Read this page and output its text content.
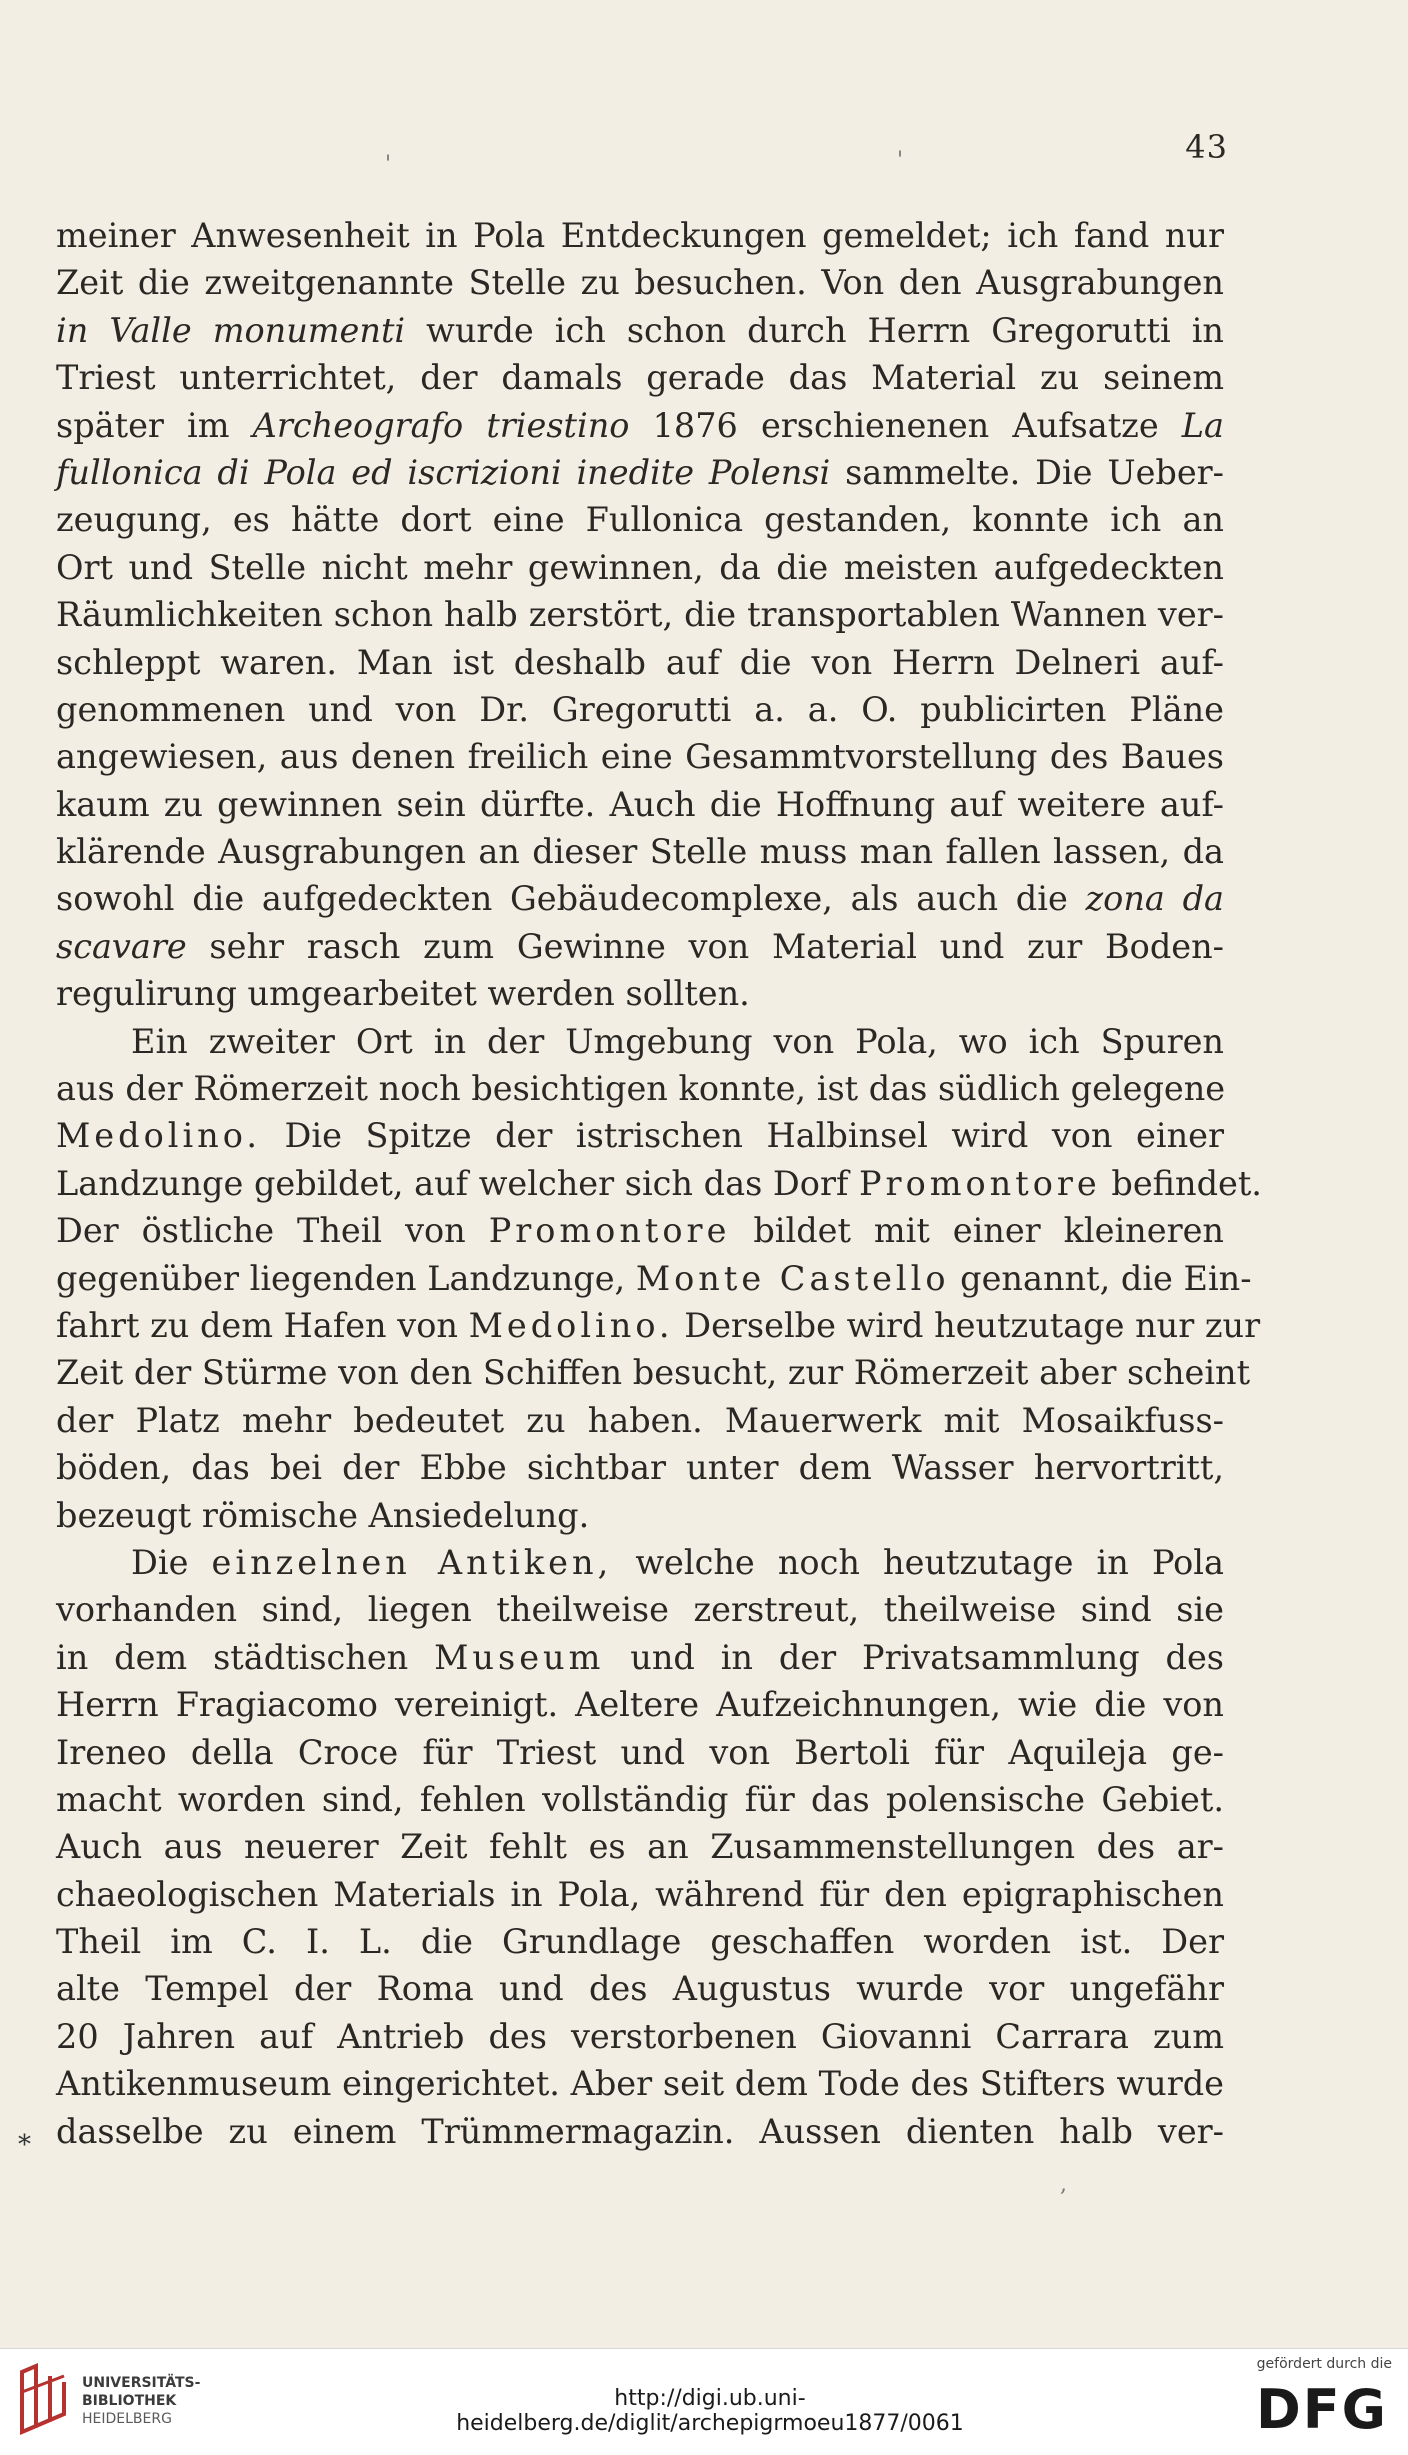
43
'	'
*
,
meiner Anwesenheit in Pola Entdeckungen gemeldet; ich fand nur
Zeit die zweitgenannte Stelle zu besuchen. Von den Ausgrabungen
in Valle monumenti wurde ich schon durch Herrn Gregorutti in
Triest unterrichtet, der damals gerade das Material zu seinem
später im Archeografo triestino 1876 erschienenen Aufsatze La
fullonica di Pola ed iscrizioni inedite Polensi sammelte. Die Ueber-
zeugung, es hätte dort eine Fullonica gestanden, konnte ich an
Ort und Stelle nicht mehr gewinnen, da die meisten aufgedeckten
Räumlichkeiten schon halb zerstört, die transportablen Wannen ver-
schleppt waren. Man ist deshalb auf die von Herrn Delneri auf-
genommenen und von Dr. Gregorutti a. a. O. publicirten Pläne
angewiesen, aus denen freilich eine Gesammtvorstellung des Baues
kaum zu gewinnen sein dürfte. Auch die Hoffnung auf weitere auf-
klärende Ausgrabungen an dieser Stelle muss man fallen lassen, da
sowohl die aufgedeckten Gebäudecomplexe, als auch die zona da
scavare sehr rasch zum Gewinne von Material und zur Boden-
regulirung umgearbeitet werden sollten.
Ein zweiter Ort in der Umgebung von Pola, wo ich Spuren
aus der Römerzeit noch besichtigen konnte, ist das südlich gelegene
Medolino. Die Spitze der istrischen Halbinsel wird von einer
Landzunge gebildet, auf welcher sich das Dorf Promontore befindet.
Der östliche Theil von Promontore bildet mit einer kleineren
gegenüber liegenden Landzunge, Monte Castello genannt, die Ein-
fahrt zu dem Hafen von Medolino. Derselbe wird heutzutage nur zur
Zeit der Stürme von den Schiffen besucht, zur Römerzeit aber scheint
der Platz mehr bedeutet zu haben. Mauerwerk mit Mosaikfuss-
böden, das bei der Ebbe sichtbar unter dem Wasser hervortritt,
bezeugt römische Ansiedelung.
Die einzelnen Antiken, welche noch heutzutage in Pola
vorhanden sind, liegen theilweise zerstreut, theilweise sind sie
in dem städtischen Museum und in der Privatsammlung des
Herrn Fragiacomo vereinigt. Aeltere Aufzeichnungen, wie die von
Ireneo della Croce für Triest und von Bertoli für Aquileja ge-
macht worden sind, fehlen vollständig für das polensische Gebiet.
Auch aus neuerer Zeit fehlt es an Zusammenstellungen des ar-
chaeologischen Materials in Pola, während für den epigraphischen
Theil im C. I. L. die Grundlage geschaffen worden ist. Der
alte Tempel der Roma und des Augustus wurde vor ungefähr
20 Jahren auf Antrieb des verstorbenen Giovanni Carrara zum
Antikenmuseum eingerichtet. Aber seit dem Tode des Stifters wurde
dasselbe zu einem Trümmermagazin. Aussen dienten halb ver-
UNIVERSITÄTS-
BIBLIOTHEK
HEIDELBERG
http://digi.ub.uni-heidelberg.de/diglit/archepigrmoeu1877/0061
gefördert durch die
DFG
